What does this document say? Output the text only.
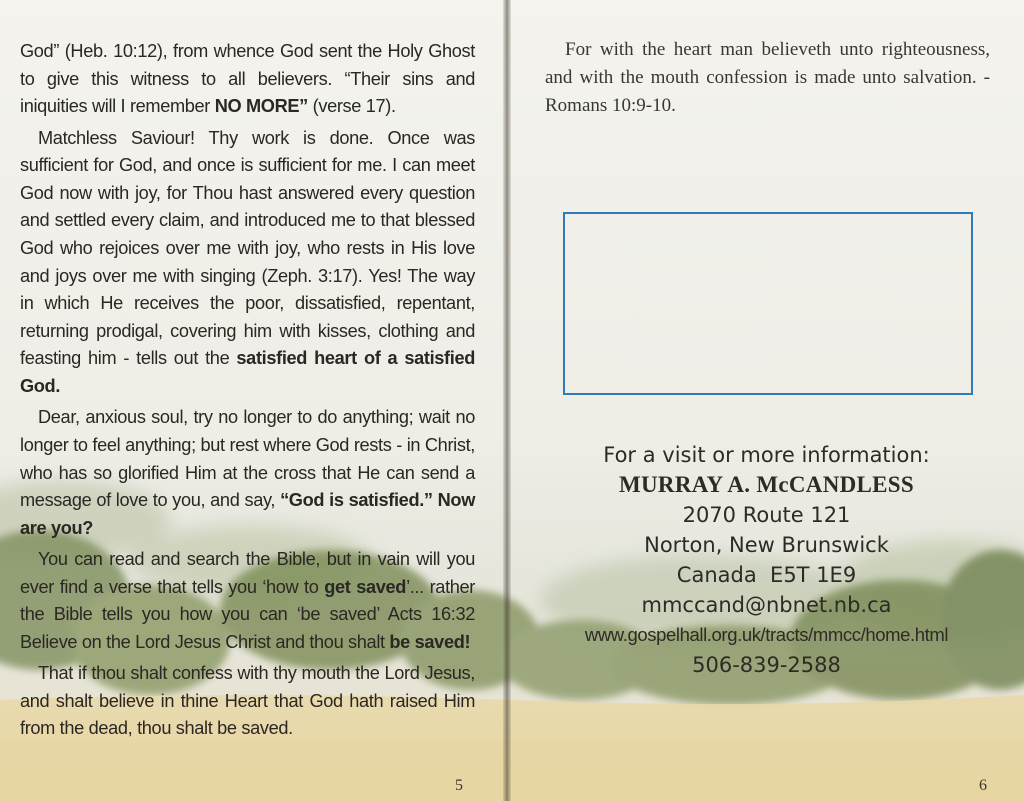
God” (Heb. 10:12), from whence God sent the Holy Ghost to give this witness to all believers. “Their sins and iniquities will I remember NO MORE” (verse 17).

Matchless Saviour! Thy work is done. Once was sufficient for God, and once is sufficient for me. I can meet God now with joy, for Thou hast answered every question and settled every claim, and introduced me to that blessed God who rejoices over me with joy, who rests in His love and joys over me with singing (Zeph. 3:17). Yes! The way in which He receives the poor, dissatisfied, repentant, returning prodigal, covering him with kisses, clothing and feasting him - tells out the satisfied heart of a satisfied God.

Dear, anxious soul, try no longer to do anything; wait no longer to feel anything; but rest where God rests - in Christ, who has so glorified Him at the cross that He can send a message of love to you, and say, “God is satisfied.” Now are you?

You can read and search the Bible, but in vain will you ever find a verse that tells you ‘how to get saved’... rather the Bible tells you how you can ‘be saved’ Acts 16:32 Believe on the Lord Jesus Christ and thou shalt be saved!

That if thou shalt confess with thy mouth the Lord Jesus, and shalt believe in thine Heart that God hath raised Him from the dead, thou shalt be saved.

5
For with the heart man believeth unto righteousness, and with the mouth confession is made unto salvation. - Romans 10:9-10.
For a visit or more information:
MURRAY A. McCANDLESS
2070 Route 121
Norton, New Brunswick
Canada  E5T 1E9
mmccand@nbnet.nb.ca
www.gospelhall.org.uk/tracts/mmcc/home.html
506-839-2588
6
